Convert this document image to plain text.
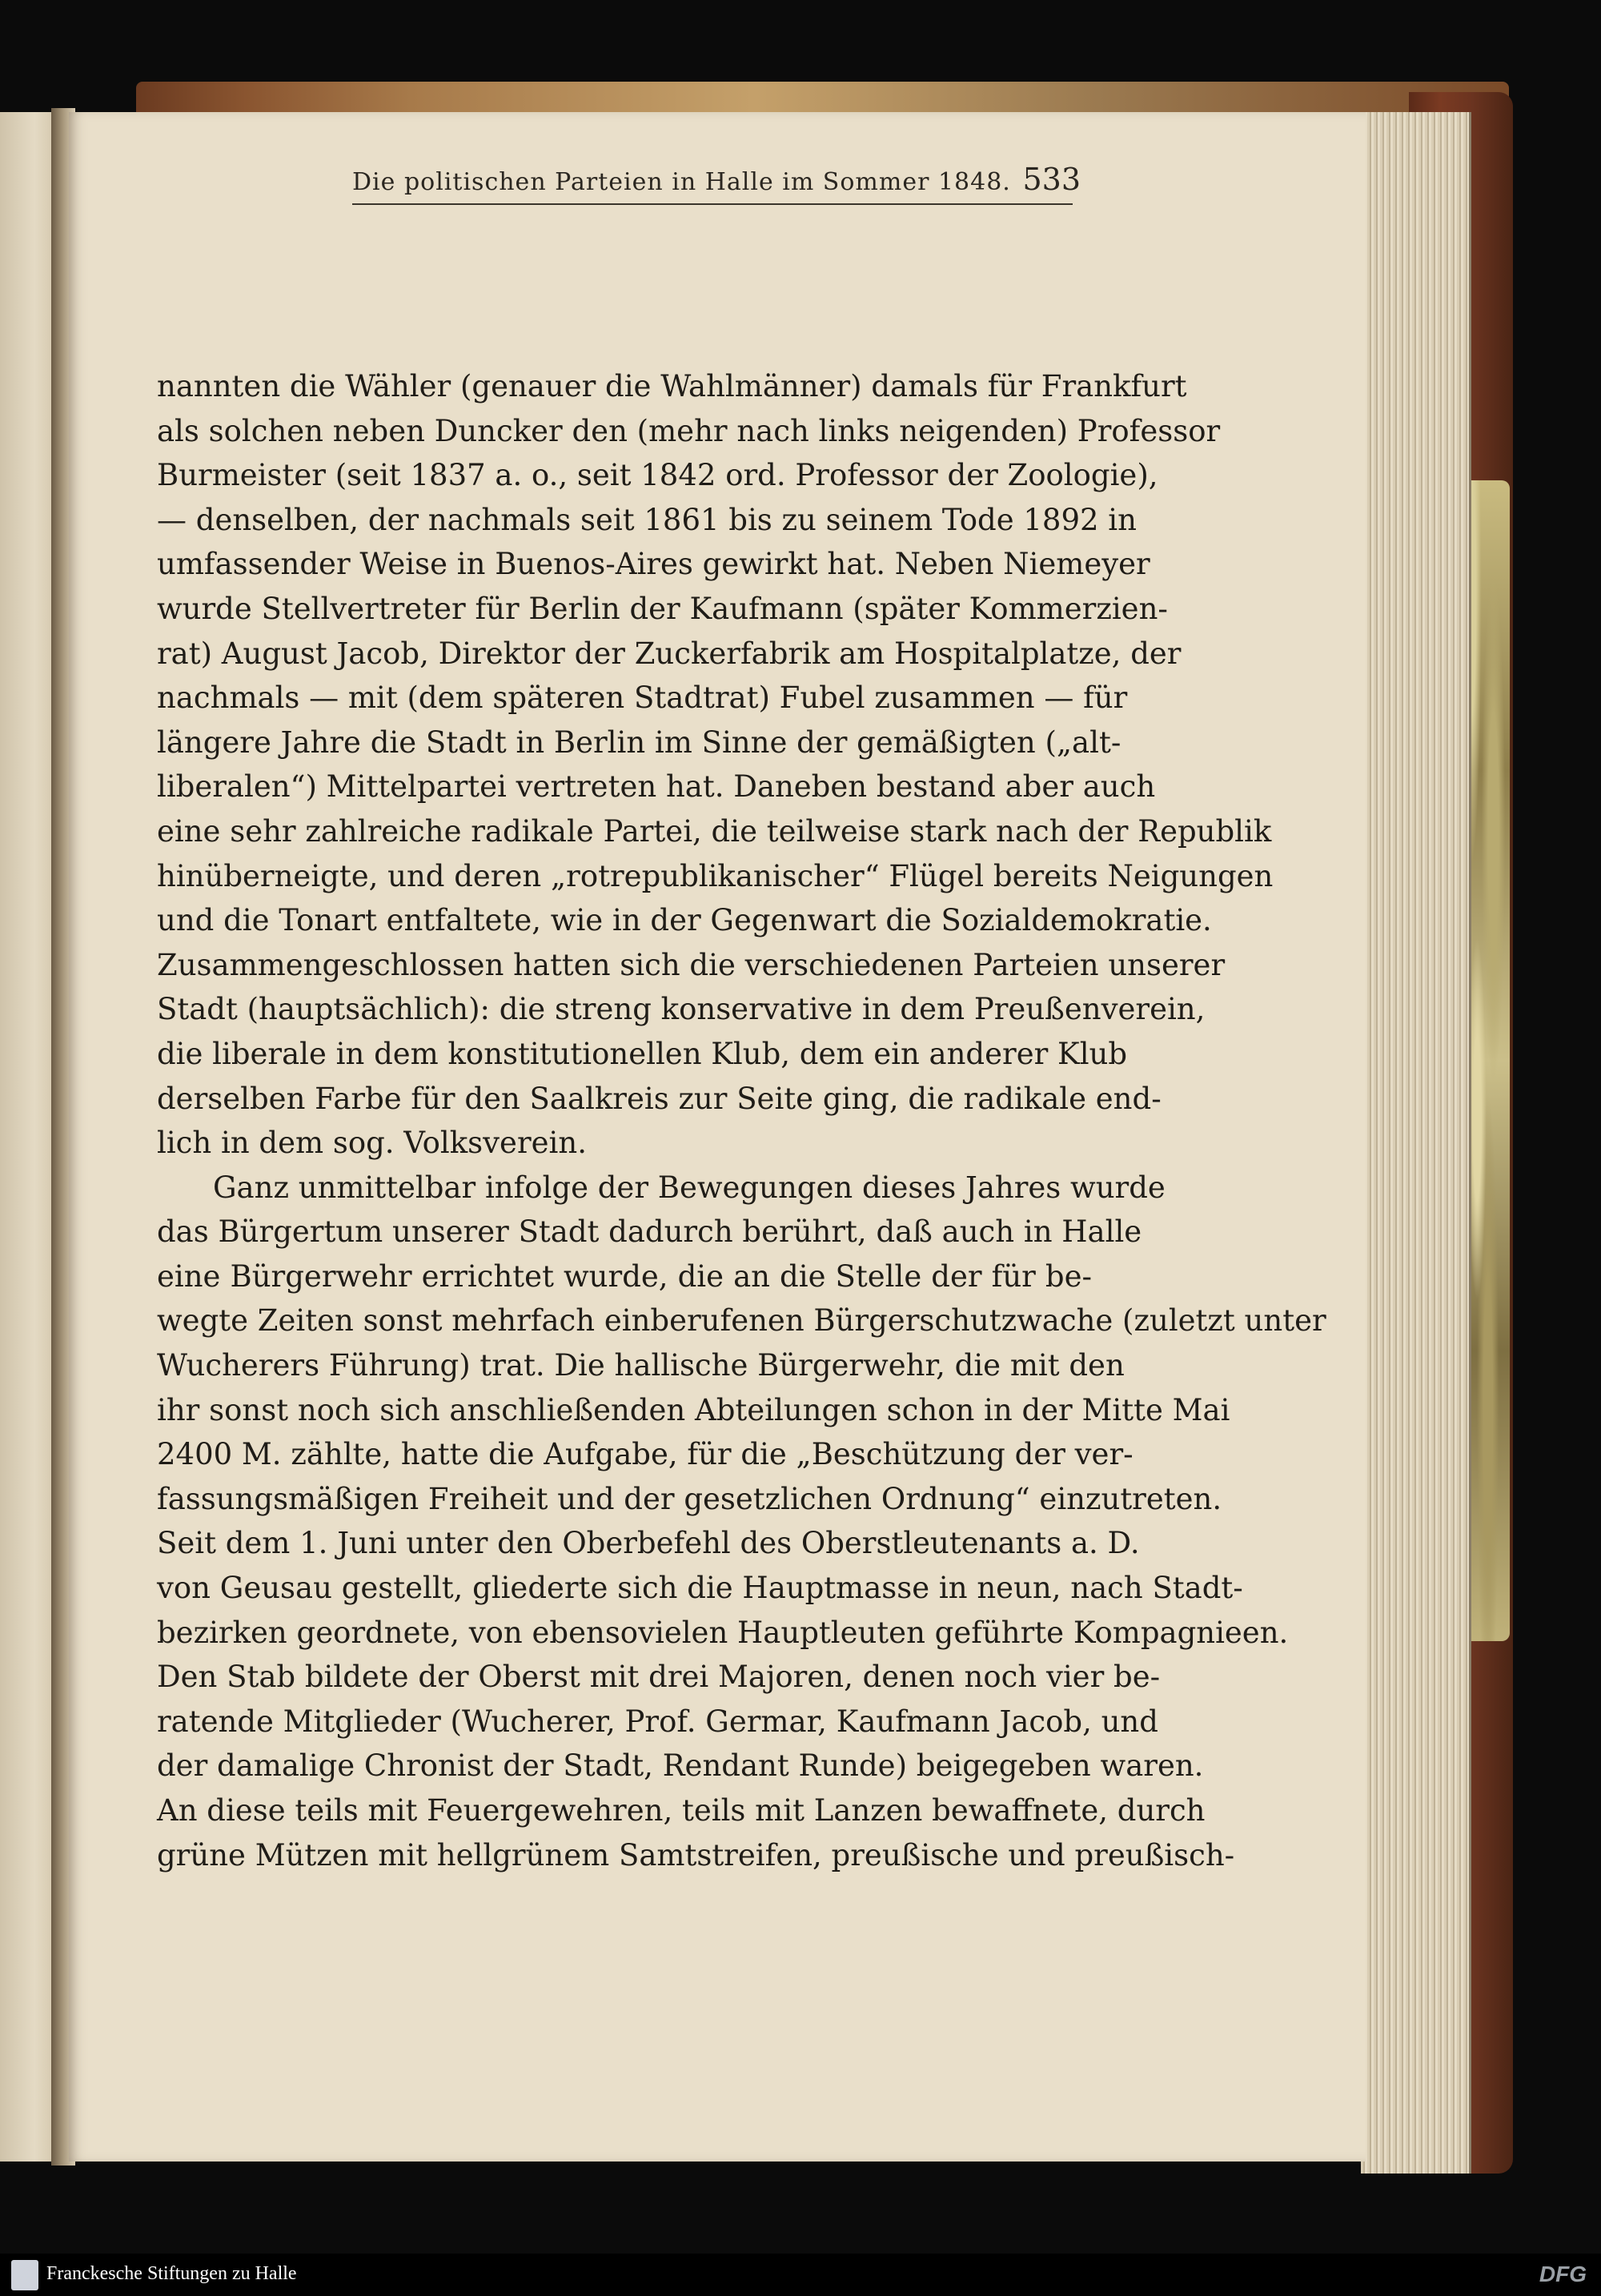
Die politischen Parteien in Halle im Sommer 1848. 533
nannten die Wähler (genauer die Wahlmänner) damals für Frankfurt
als solchen neben Duncker den (mehr nach links neigenden) Professor
Burmeister (seit 1837 a. o., seit 1842 ord. Professor der Zoologie),
— denselben, der nachmals seit 1861 bis zu seinem Tode 1892 in
umfassender Weise in Buenos-Aires gewirkt hat. Neben Niemeyer
wurde Stellvertreter für Berlin der Kaufmann (später Kommerzien-
rat) August Jacob, Direktor der Zuckerfabrik am Hospitalplatze, der
nachmals — mit (dem späteren Stadtrat) Fubel zusammen — für
längere Jahre die Stadt in Berlin im Sinne der gemäßigten („alt-
liberalen“) Mittelpartei vertreten hat. Daneben bestand aber auch
eine sehr zahlreiche radikale Partei, die teilweise stark nach der Republik
hinüberneigte, und deren „rotrepublikanischer“ Flügel bereits Neigungen
und die Tonart entfaltete, wie in der Gegenwart die Sozialdemokratie.
Zusammengeschlossen hatten sich die verschiedenen Parteien unserer
Stadt (hauptsächlich): die streng konservative in dem Preußenverein,
die liberale in dem konstitutionellen Klub, dem ein anderer Klub
derselben Farbe für den Saalkreis zur Seite ging, die radikale end-
lich in dem sog. Volksverein.
Ganz unmittelbar infolge der Bewegungen dieses Jahres wurde
das Bürgertum unserer Stadt dadurch berührt, daß auch in Halle
eine Bürgerwehr errichtet wurde, die an die Stelle der für be-
wegte Zeiten sonst mehrfach einberufenen Bürgerschutzwache (zuletzt unter
Wucherers Führung) trat. Die hallische Bürgerwehr, die mit den
ihr sonst noch sich anschließenden Abteilungen schon in der Mitte Mai
2400 M. zählte, hatte die Aufgabe, für die „Beschützung der ver-
fassungsmäßigen Freiheit und der gesetzlichen Ordnung“ einzutreten.
Seit dem 1. Juni unter den Oberbefehl des Oberstleutenants a. D.
von Geusau gestellt, gliederte sich die Hauptmasse in neun, nach Stadt-
bezirken geordnete, von ebensovielen Hauptleuten geführte Kompagnieen.
Den Stab bildete der Oberst mit drei Majoren, denen noch vier be-
ratende Mitglieder (Wucherer, Prof. Germar, Kaufmann Jacob, und
der damalige Chronist der Stadt, Rendant Runde) beigegeben waren.
An diese teils mit Feuergewehren, teils mit Lanzen bewaffnete, durch
grüne Mützen mit hellgrünem Samtstreifen, preußische und preußisch-
Franckesche Stiftungen zu Halle	DFG
